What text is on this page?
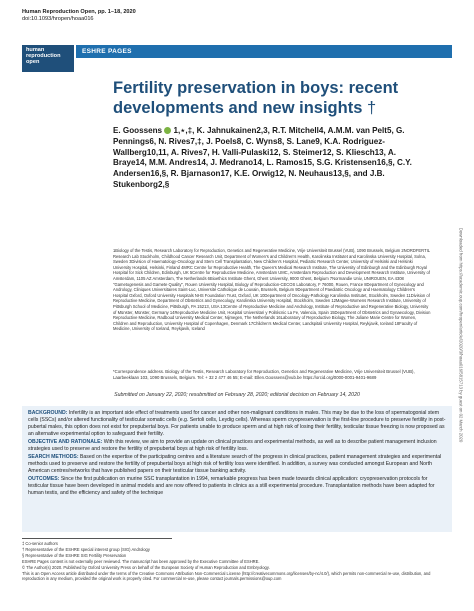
Human Reproduction Open, pp. 1–18, 2020
doi:10.1093/hropen/hoaa016
human
reproduction
open
ESHRE PAGES
Fertility preservation in boys: recent developments and new insights †
E. Goossens 1,⋆,‡, K. Jahnukainen2,3, R.T. Mitchell4, A.M.M. van Pelt5, G. Pennings6, N. Rives7,‡, J. Poels8, C. Wyns8, S. Lane9, K.A. Rodriguez-Wallberg10,11, A. Rives7, H. Valli-Pulaski12, S. Steimer12, S. Kliesch13, A. Braye14, M.M. Andres14, J. Medrano14, L. Ramos15, S.G. Kristensen16,§, C.Y. Andersen16,§, R. Bjarnason17, K.E. Orwig12, N. Neuhaus13,§, and J.B. Stukenborg2,§
1Biology of the Testis, Research Laboratory for Reproduction, Genetics and Regenerative Medicine, Vrije Universiteit Brussel (VUB), 1090 Brussels, Belgium 2NORDFERTIL Research Lab Stockholm, Childhood Cancer Research Unit, Department of Women's and Children's Health, Karolinska Institutet and Karolinska University Hospital, Solna, Sweden 3Division of Haematology-Oncology and Stem Cell Transplantation, New Children's Hospital, Pediatric Research Center, University of Helsinki and Helsinki University Hospital, Helsinki, Finland 4MRC Centre for Reproductive Health, The Queen's Medical Research Institute, The University of Edinburgh and the Edinburgh Royal Hospital for Sick Children, Edinburgh, UK 5Centre for Reproductive Medicine, Amsterdam UMC, Amsterdam Reproduction and Development Research Institute, University of Amsterdam, 1105 AZ Amsterdam, The Netherlands 6Bioethics Institute Ghent, Ghent University, 9000 Ghent, Belgium 7Normandie Univ, UNIROUEN, EA 4308 "Gametogenesis and Gamete Quality", Rouen University Hospital, Biology of Reproduction-CECOS Laboratory, F 76000, Rouen, France 8Department of Gynecology and Andrology, Cliniques Universitaires Saint-Luc, Université Catholique de Louvain, Brussels, Belgium 9Department of Paediatric Oncology and Haematology Children's Hospital Oxford, Oxford University Hospitals NHS Foundation Trust, Oxford, UK 10Department of Oncology-Pathology Karolinska Institutet, Stockholm, Sweden 11Division of Reproductive Medicine, Department of Obstetrics and Gynecology, Karolinska University Hospital, Stockholm, Sweden 12Magee-Womens Research Institute, University of Pittsburgh School of Medicine, Pittsburgh, PA 15213, USA 13Centre of Reproductive Medicine and Andrology, Institute of Reproductive and Regenerative Biology, University of Münster, Münster, Germany 14Reproductive Medicine Unit, Hospital Universitari y Politècnic La Fe, Valencia, Spain 15Department of Obstetrics and Gynaecology, Division Reproductive Medicine, Radboud University Medical Center, Nijmegen, The Netherlands 16Laboratory of Reproductive Biology, The Juliane Marie Centre for Women, Children and Reproduction, University Hospital of Copenhagen, Denmark 17Children's Medical Center, Landspitali University Hospital, Reykjavik, Iceland 18Faculty of Medicine, University of Iceland, Reykjavik, Iceland
*Correspondence address. Biology of the Testis, Research Laboratory for Reproduction, Genetics and Regenerative Medicine, Vrije Universiteit Brussel (VUB), Laarbeeklaan 103, 1090 Brussels, Belgium. Tel: + 32 2 477 46 55; E-mail: Ellen.Goossens@vub.be https://orcid.org/0000-0001-9401-9689
Submitted on January 22, 2020; resubmitted on February 28, 2020; editorial decision on February 14, 2020

BACKGROUND: Infertility is an important side effect of treatments used for cancer and other non-malignant conditions in males. This may be due to the loss of spermatogonial stem cells (SSCs) and/or altered functionality of testicular somatic cells (e.g. Sertoli cells, Leydig cells). Whereas sperm cryopreservation is the first-line procedure to preserve fertility in post-pubertal males, this option does not exist for prepubertal boys. For patients unable to produce sperm and at high risk of losing their fertility, testicular tissue freezing is now proposed as an alternative experimental option to safeguard their fertility.

OBJECTIVE AND RATIONALE: With this review, we aim to provide an update on clinical practices and experimental methods, as well as to describe patient management inclusion strategies used to preserve and restore the fertility of prepubertal boys at high risk of fertility loss.

SEARCH METHODS: Based on the expertise of the participating centres and a literature search of the progress in clinical practices, patient management strategies and experimental methods used to preserve and restore the fertility of prepubertal boys at high risk of fertility loss were identified. In addition, a survey was conducted amongst European and North American centres/networks that have published papers on their testicular tissue banking activity.

OUTCOMES: Since the first publication on murine SSC transplantation in 1994, remarkable progress has been made towards clinical application: cryopreservation protocols for testicular tissue have been developed in animal models and are now offered to patients in clinics as a still experimental procedure. Transplantation methods have been adapted for human testis, and the efficiency and safety of the technique

‡ Co-senior authors
† Representative of the ESHRE special interest group (SIG) Andrology
§ Representative of the ESHRE SIG Fertility Preservation
ESHRE Pages content is not externally peer reviewed. The manuscript has been approved by the Executive Committee of ESHRE.
© The Author(s) 2020. Published by Oxford University Press on behalf of the European Society of Human Reproduction and Embryology.
This is an Open Access article distributed under the terms of the Creative Commons Attribution Non-Commercial License (http://creativecommons.org/licenses/by-nc/4.0/), which permits non-commercial re-use, distribution, and reproduction in any medium, provided the original work is properly cited. For commercial re-use, please contact journals.permissions@oup.com
Downloaded from https://academic.oup.com/hropen/article/2020/3/hoaa016/5815713 by guest on 02 March 2020
